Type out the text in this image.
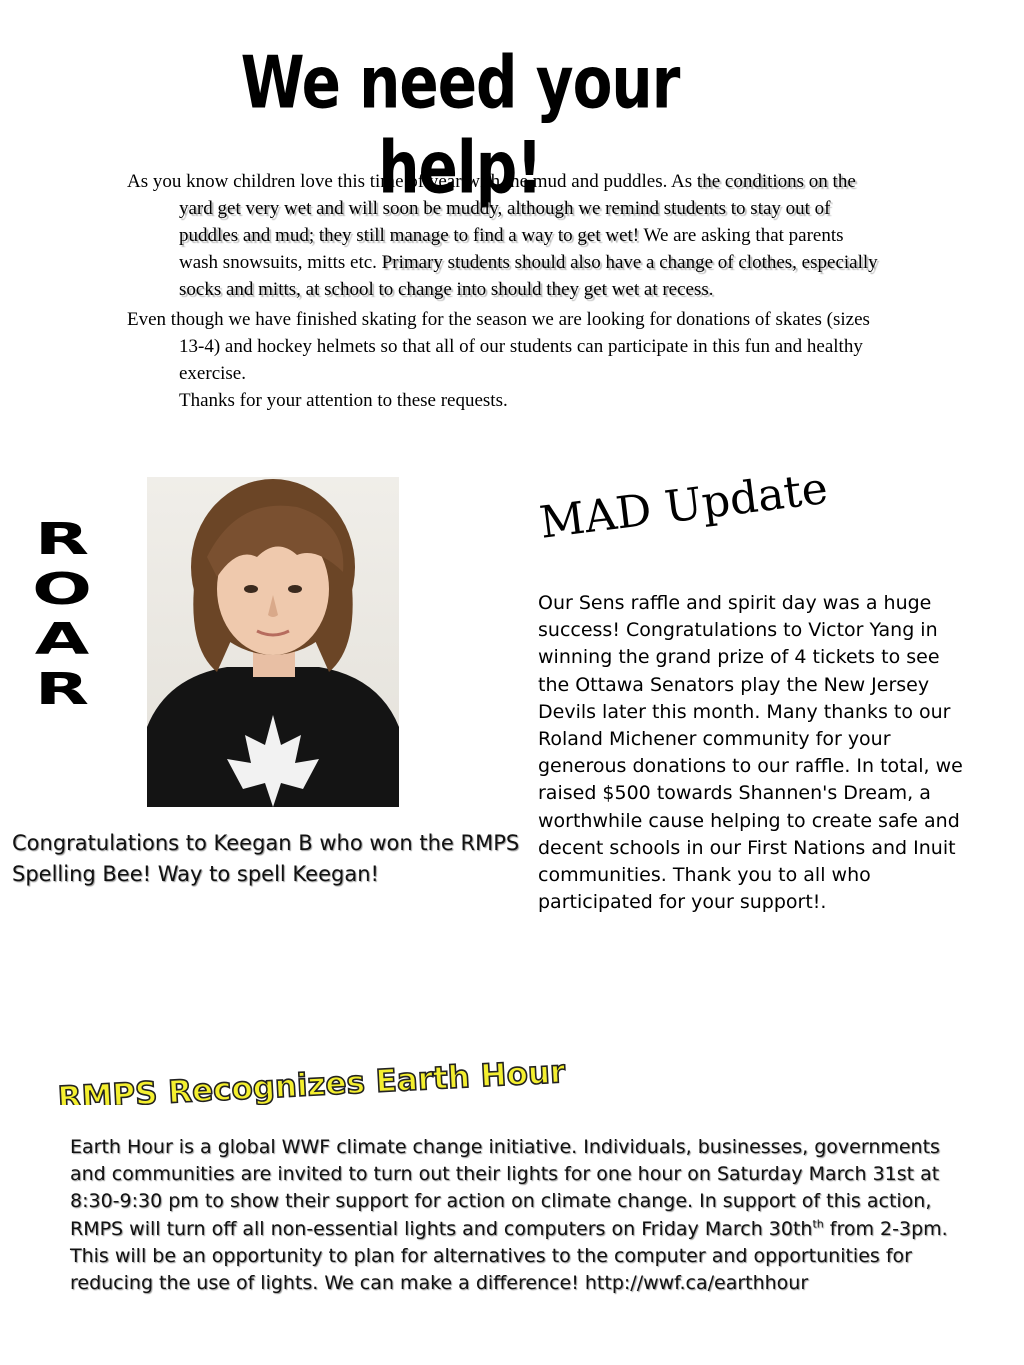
We need your help!

As you know children love this time of year with the mud and puddles. As the conditions on the yard get very wet and will soon be muddy, although we remind students to stay out of puddles and mud; they still manage to find a way to get wet! We are asking that parents wash snowsuits, mitts etc. Primary students should also have a change of clothes, especially socks and mitts, at school to change into should they get wet at recess.

Even though we have finished skating for the season we are looking for donations of skates (sizes 13-4) and hockey helmets so that all of our students can participate in this fun and healthy exercise.
Thanks for your attention to these requests.

R
O
A
R
Congratulations to Keegan B who won the RMPS Spelling Bee! Way to spell Keegan!
MAD Update
Our Sens raffle and spirit day was a huge success! Congratulations to Victor Yang in winning the grand prize of 4 tickets to see the Ottawa Senators play the New Jersey Devils later this month. Many thanks to our Roland Michener community for your generous donations to our raffle. In total, we raised $500 towards Shannen's Dream, a worthwhile cause helping to create safe and decent schools in our First Nations and Inuit communities. Thank you to all who participated for your support!.
RMPS Recognizes Earth Hour
Earth Hour is a global WWF climate change initiative. Individuals, businesses, governments and communities are invited to turn out their lights for one hour on Saturday March 31st at 8:30-9:30 pm to show their support for action on climate change. In support of this action, RMPS will turn off all non-essential lights and computers on Friday March $30th^{th}$ from 2-3pm. This will be an opportunity to plan for alternatives to the computer and opportunities for reducing the use of lights. We can make a difference! http://wwf.ca/earthhour
